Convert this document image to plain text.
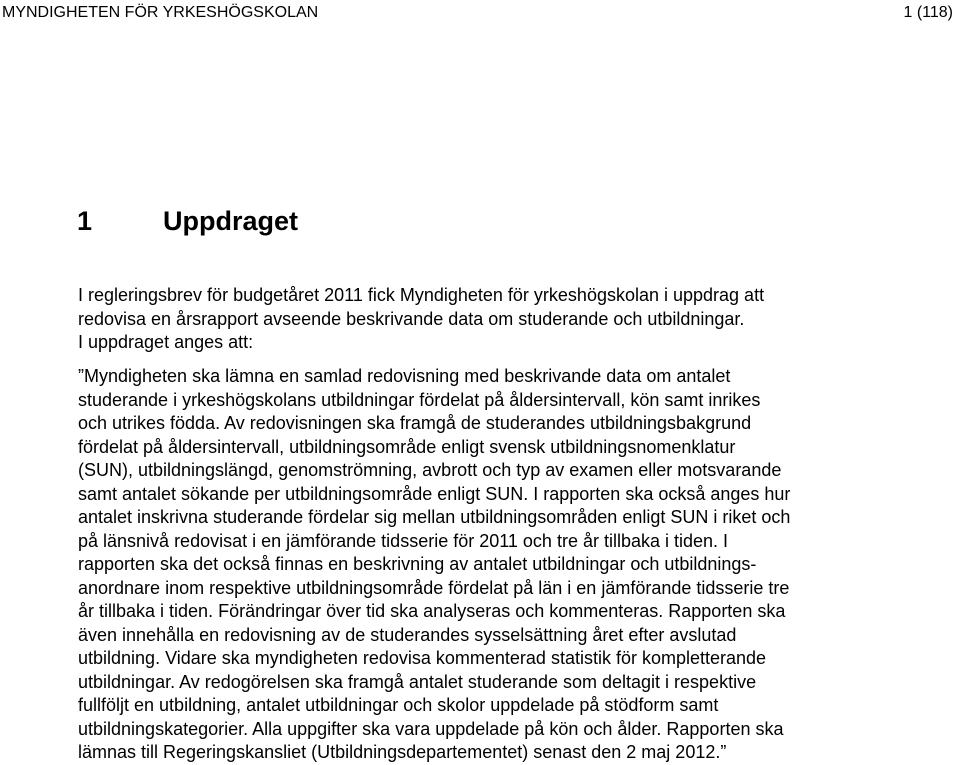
MYNDIGHETEN FÖR YRKESHÖGSKOLAN	1 (118)
1	Uppdraget

I regleringsbrev för budgetåret 2011 fick Myndigheten för yrkeshögskolan i uppdrag att
redovisa en årsrapport avseende beskrivande data om studerande och utbildningar.
I uppdraget anges att:

”Myndigheten ska lämna en samlad redovisning med beskrivande data om antalet
studerande i yrkeshögskolans utbildningar fördelat på åldersintervall, kön samt inrikes
och utrikes födda. Av redovisningen ska framgå de studerandes utbildningsbakgrund
fördelat på åldersintervall, utbildningsområde enligt svensk utbildningsnomenklatur
(SUN), utbildningslängd, genomströmning, avbrott och typ av examen eller motsvarande
samt antalet sökande per utbildningsområde enligt SUN. I rapporten ska också anges hur
antalet inskrivna studerande fördelar sig mellan utbildningsområden enligt SUN i riket och
på länsnivå redovisat i en jämförande tidsserie för 2011 och tre år tillbaka i tiden. I
rapporten ska det också finnas en beskrivning av antalet utbildningar och utbildnings-
anordnare inom respektive utbildningsområde fördelat på län i en jämförande tidsserie tre
år tillbaka i tiden. Förändringar över tid ska analyseras och kommenteras. Rapporten ska
även innehålla en redovisning av de studerandes sysselsättning året efter avslutad
utbildning. Vidare ska myndigheten redovisa kommenterad statistik för kompletterande
utbildningar. Av redogörelsen ska framgå antalet studerande som deltagit i respektive
fullföljt en utbildning, antalet utbildningar och skolor uppdelade på stödform samt
utbildningskategorier. Alla uppgifter ska vara uppdelade på kön och ålder. Rapporten ska
lämnas till Regeringskansliet (Utbildningsdepartementet) senast den 2 maj 2012.”
